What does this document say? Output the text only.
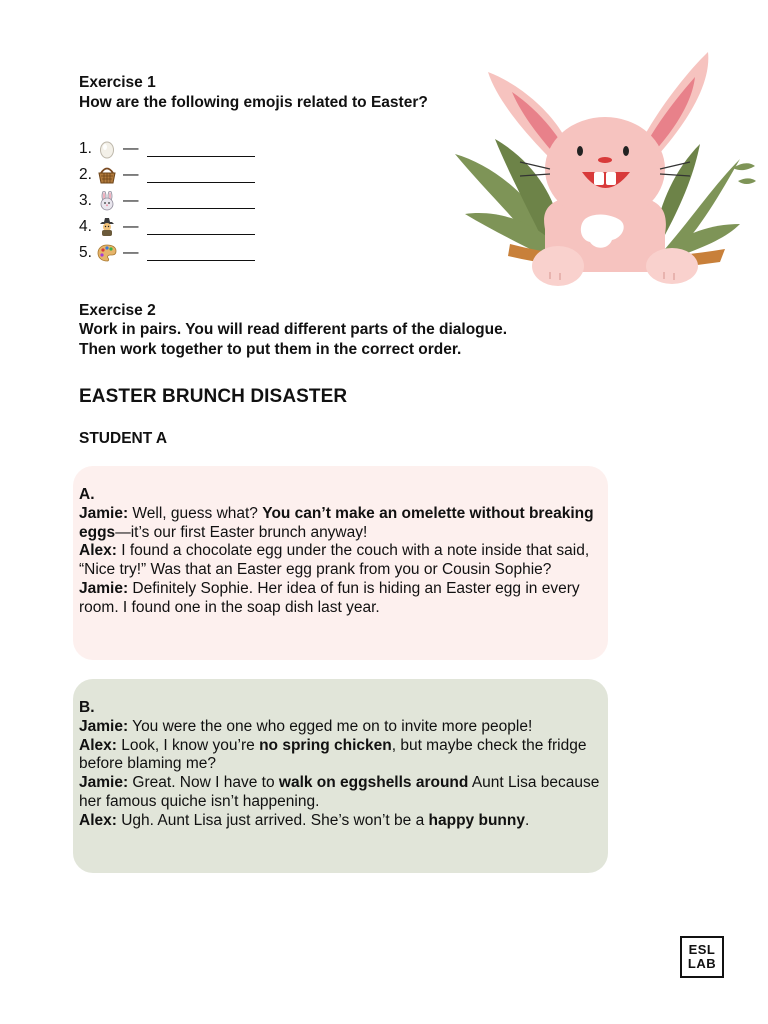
Exercise 1

How are the following emojis related to Easter?

1.	—
2.	—
3.	—
4.	—
5.	—

Exercise 2

Work in pairs. You will read different parts of the dialogue.

Then work together to put them in the correct order.

EASTER BRUNCH DISASTER

STUDENT A

A.

Jamie: Well, guess what? You can’t make an omelette without breaking eggs—it’s our first Easter brunch anyway!

Alex: I found a chocolate egg under the couch with a note inside that said, “Nice try!” Was that an Easter egg prank from you or Cousin Sophie?

Jamie: Definitely Sophie. Her idea of fun is hiding an Easter egg in every room. I found one in the soap dish last year.

B.

Jamie: You were the one who egged me on to invite more people!

Alex: Look, I know you’re no spring chicken, but maybe check the fridge before blaming me?

Jamie: Great. Now I have to walk on eggshells around Aunt Lisa because her famous quiche isn’t happening.

Alex: Ugh. Aunt Lisa just arrived. She’s won’t be a happy bunny.

ESL
LAB
